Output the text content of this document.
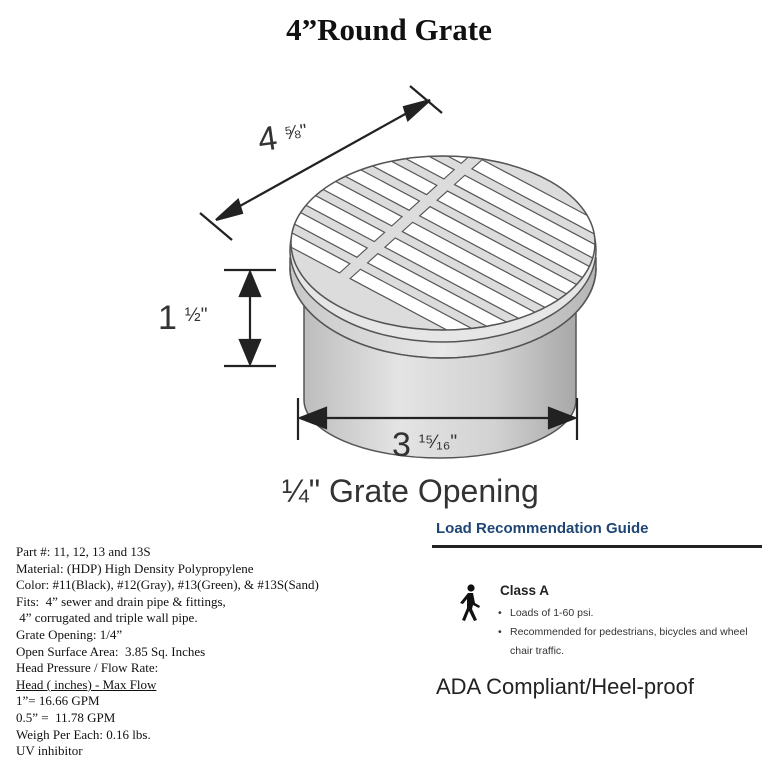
4”Round Grate
4 ⅝"
1 ½"
3 ¹⁵⁄₁₆"
¼" Grate Opening
Part #: 11, 12, 13 and 13S
Material: (HDP) High Density Polypropylene
Color: #11(Black), #12(Gray), #13(Green), & #13S(Sand)
Fits:  4” sewer and drain pipe & fittings,
4” corrugated and triple wall pipe.
Grate Opening: 1/4”
Open Surface Area:  3.85 Sq. Inches
Head Pressure / Flow Rate:
Head ( inches) - Max Flow
1”= 16.66 GPM
0.5” =  11.78 GPM
Weigh Per Each: 0.16 lbs.
UV inhibitor
Load Recommendation Guide
Class A
• Loads of 1-60 psi.
• Recommended for pedestrians, bicycles and wheel chair traffic.
ADA Compliant/Heel-proof
